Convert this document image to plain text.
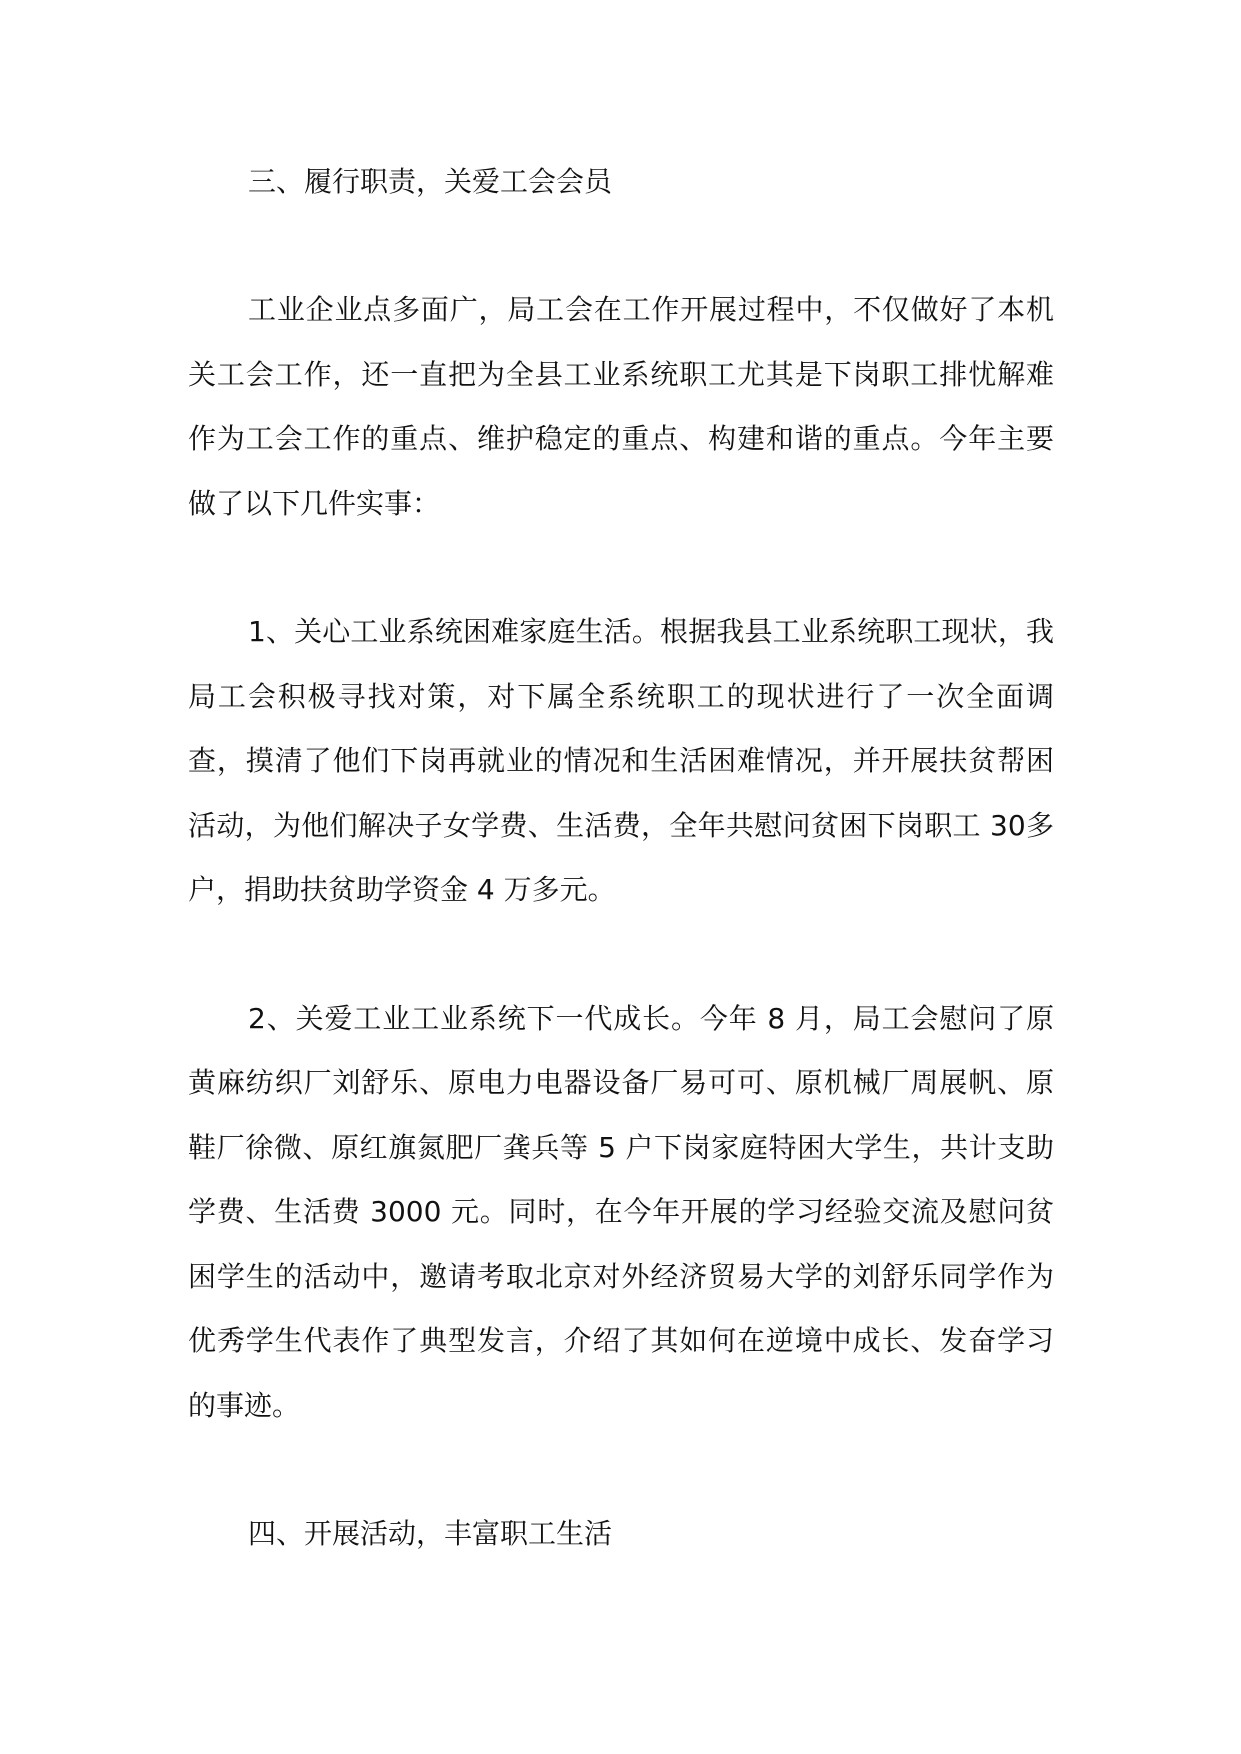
三、履行职责，关爱工会会员

工业企业点多面广，局工会在工作开展过程中，不仅做好了本机关工会工作，还一直把为全县工业系统职工尤其是下岗职工排忧解难作为工会工作的重点、维护稳定的重点、构建和谐的重点。今年主要做了以下几件实事：

1、关心工业系统困难家庭生活。根据我县工业系统职工现状，我局工会积极寻找对策，对下属全系统职工的现状进行了一次全面调查，摸清了他们下岗再就业的情况和生活困难情况，并开展扶贫帮困活动，为他们解决子女学费、生活费，全年共慰问贫困下岗职工 30多户，捐助扶贫助学资金 4 万多元。

2、关爱工业工业系统下一代成长。今年 8 月，局工会慰问了原黄麻纺织厂刘舒乐、原电力电器设备厂易可可、原机械厂周展帆、原鞋厂徐微、原红旗氮肥厂龚兵等 5 户下岗家庭特困大学生，共计支助学费、生活费 3000 元。同时，在今年开展的学习经验交流及慰问贫困学生的活动中，邀请考取北京对外经济贸易大学的刘舒乐同学作为优秀学生代表作了典型发言，介绍了其如何在逆境中成长、发奋学习的事迹。

四、开展活动，丰富职工生活
